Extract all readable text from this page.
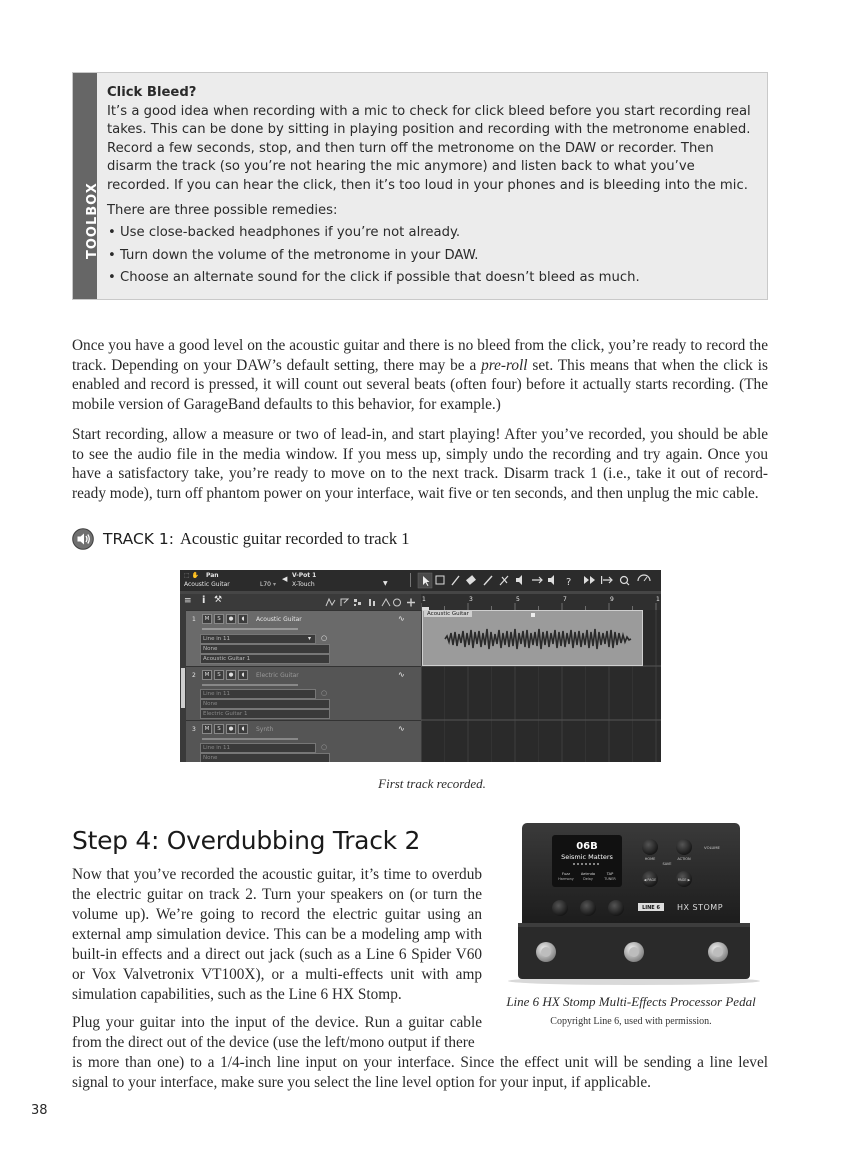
TOOLBOX

Click Bleed?

It’s a good idea when recording with a mic to check for click bleed before you start recording real takes. This can be done by sitting in playing position and recording with the metronome enabled. Record a few seconds, stop, and then turn off the metronome on the DAW or recorder. Then disarm the track (so you’re not hearing the mic anymore) and listen back to what you’ve recorded. If you can hear the click, then it’s too loud in your phones and is bleeding into the mic.

There are three possible remedies:

• Use close-backed headphones if you’re not already.
• Turn down the volume of the metronome in your DAW.
• Choose an alternate sound for the click if possible that doesn’t bleed as much.

Once you have a good level on the acoustic guitar and there is no bleed from the click, you’re ready to record the track. Depending on your DAW’s default setting, there may be a pre-roll set. This means that when the click is enabled and record is pressed, it will count out several beats (often four) before it actually starts recording. (The mobile version of GarageBand defaults to this behavior, for example.)

Start recording, allow a measure or two of lead-in, and start playing! After you’ve recorded, you should be able to see the audio file in the media window. If you mess up, simply undo the recording and try again. Once you have a satisfactory take, you’re ready to move on to the next track. Disarm track 1 (i.e., take it out of record-ready mode), turn off phantom power on your interface, wait five or ten seconds, and then unplug the mic cable.

TRACK 1: Acoustic guitar recorded to track 1
⬚ ✋ Pan
Acoustic Guitar	L70 ▾
◀ V-Pot 1
X-Touch	▼	?
≡ i ⚒	1	3	5	7	9	1
Acoustic Guitar
1	M	S	●	◖	Acoustic Guitar	∿
Line in 11	▾ ○
None
Acoustic Guitar 1
2	M	S	●	◖	Electric Guitar	∿
Line in 11	○
None
Electric Guitar 1
3	M	S	●	◖	Synth	∿
Line in 11	○
None
First track recorded.
Step 4: Overdubbing Track 2

Now that you’ve recorded the acoustic guitar, it’s time to overdub the electric guitar on track 2. Turn your speakers on (or turn the volume up). We’re going to record the electric guitar using an external amp simulation device. This can be a modeling amp with built-in effects and a direct out jack (such as a Line 6 Spider V60 or Vox Valvetronix VT100X), or a multi-effects unit with amp simulation capabilities, such as the Line 6 HX Stomp.

Plug your guitar into the input of the device. Run a guitar cable from the direct out of the device (use the left/mono output if there

is more than one) to a 1/4-inch line input on your interface. Since the effect unit will be sending a line level signal to your interface, make sure you select the line level option for your input, if applicable.

06B
Seismic Matters
Fuzz	Aetrndo	TAP
Harmony	Delay	TUNER
HOME	ACTION
SAVE
VOLUME
◀ PAGE	PAGE ▶
LINE 6 HX STOMP
Line 6 HX Stomp Multi-Effects Processor Pedal
Copyright Line 6, used with permission.
38
